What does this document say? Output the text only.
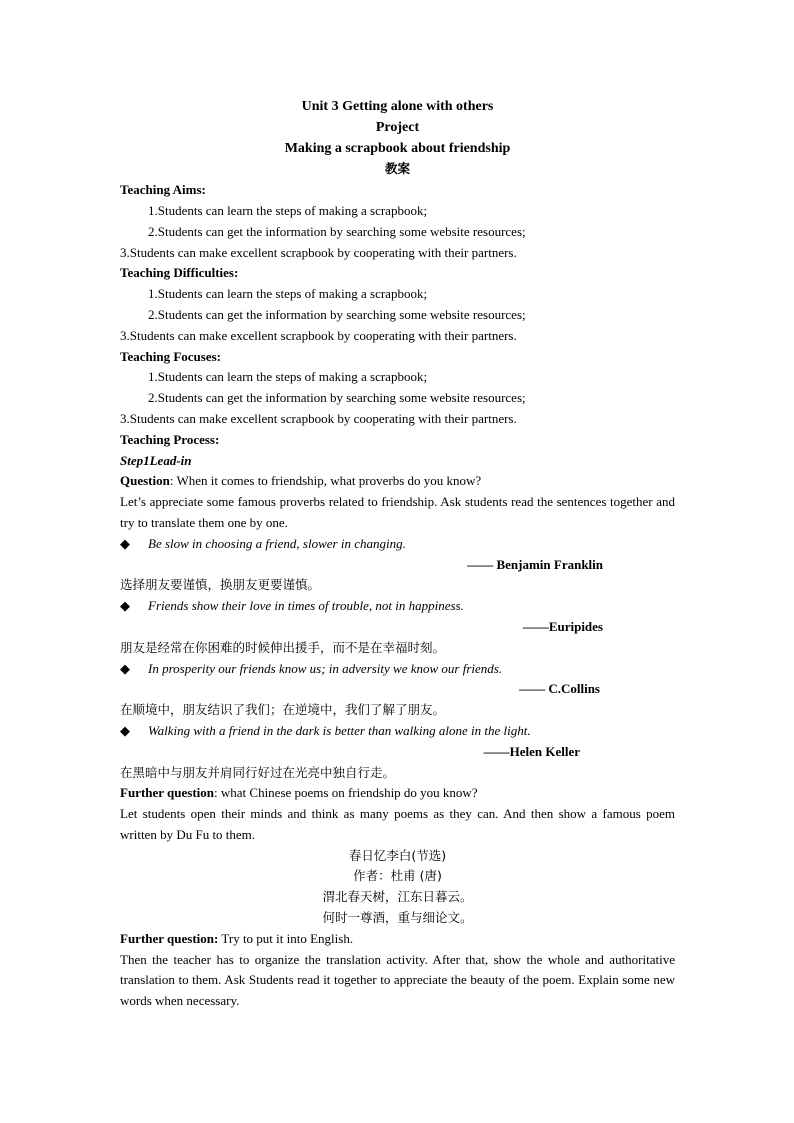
Unit 3 Getting alone with others

Project

Making a scrapbook about friendship

教案

Teaching Aims:

1.Students can learn the steps of making a scrapbook;

2.Students can get the information by searching some website resources;

3.Students can make excellent scrapbook by cooperating with their partners.

Teaching Difficulties:

1.Students can learn the steps of making a scrapbook;

2.Students can get the information by searching some website resources;

3.Students can make excellent scrapbook by cooperating with their partners.

Teaching Focuses:

1.Students can learn the steps of making a scrapbook;

2.Students can get the information by searching some website resources;

3.Students can make excellent scrapbook by cooperating with their partners.

Teaching Process:

Step1Lead-in

Question: When it comes to friendship, what proverbs do you know?

Let’s appreciate some famous proverbs related to friendship. Ask students read the sentences together and try to translate them one by one.

◆	Be slow in choosing a friend, slower in changing.

—— Benjamin Franklin

选择朋友要谨慎，换朋友更要谨慎。

◆	Friends show their love in times of trouble, not in happiness.

——Euripides

朋友是经常在你困难的时候伸出援手，而不是在幸福时刻。

◆	In prosperity our friends know us; in adversity we know our friends.

—— C.Collins

在顺境中，朋友结识了我们；在逆境中，我们了解了朋友。

◆	Walking with a friend in the dark is better than walking alone in the light.

——Helen Keller

在黑暗中与朋友并肩同行好过在光亮中独自行走。

Further question: what Chinese poems on friendship do you know?

Let students open their minds and think as many poems as they can. And then show a famous poem written by Du Fu to them.

春日忆李白(节选)

作者：杜甫 (唐)

渭北春天树，江东日暮云。

何时一尊酒，重与细论文。

Further question: Try to put it into English.

Then the teacher has to organize the translation activity. After that, show the whole and authoritative translation to them. Ask Students read it together to appreciate the beauty of the poem. Explain some new words when necessary.
